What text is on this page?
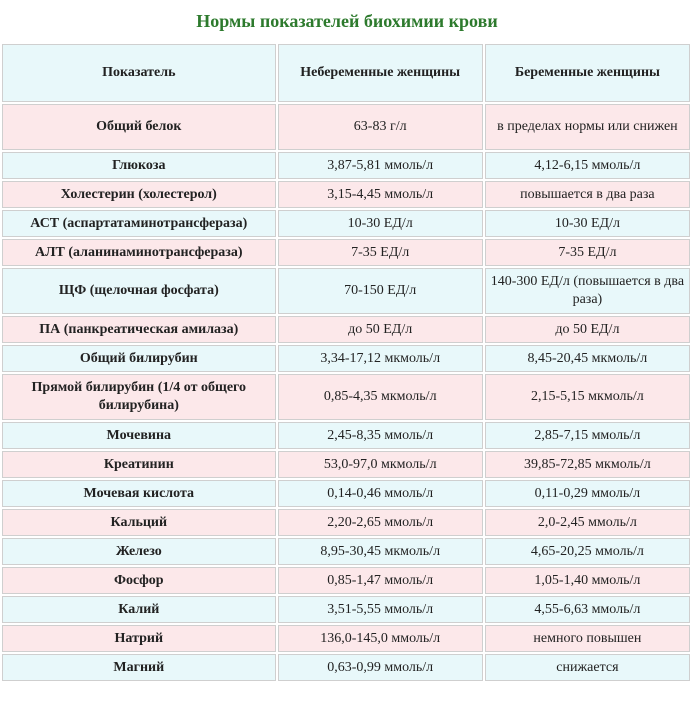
Нормы показателей биохимии крови
Показатель	Небеременные женщины	Беременные женщины
Общий белок	63-83 г/л	в пределах нормы или снижен
Глюкоза	3,87-5,81 ммоль/л	4,12-6,15 ммоль/л
Холестерин (холестерол)	3,15-4,45 ммоль/л	повышается в два раза
АСТ (аспартатаминотрансфераза)	10-30 ЕД/л	10-30 ЕД/л
АЛТ (аланинаминотрансфераза)	7-35 ЕД/л	7-35 ЕД/л
ЩФ (щелочная фосфата)	70-150 ЕД/л	140-300 ЕД/л (повышается в два раза)
ПА (панкреатическая амилаза)	до 50 ЕД/л	до 50 ЕД/л
Общий билирубин	3,34-17,12 мкмоль/л	8,45-20,45 мкмоль/л
Прямой билирубин (1/4 от общего билирубина)	0,85-4,35 мкмоль/л	2,15-5,15 мкмоль/л
Мочевина	2,45-8,35 ммоль/л	2,85-7,15 ммоль/л
Креатинин	53,0-97,0 мкмоль/л	39,85-72,85 мкмоль/л
Мочевая кислота	0,14-0,46 ммоль/л	0,11-0,29 ммоль/л
Кальций	2,20-2,65 ммоль/л	2,0-2,45 ммоль/л
Железо	8,95-30,45 мкмоль/л	4,65-20,25 ммоль/л
Фосфор	0,85-1,47 ммоль/л	1,05-1,40 ммоль/л
Калий	3,51-5,55 ммоль/л	4,55-6,63 ммоль/л
Натрий	136,0-145,0 ммоль/л	немного повышен
Магний	0,63-0,99 ммоль/л	снижается
